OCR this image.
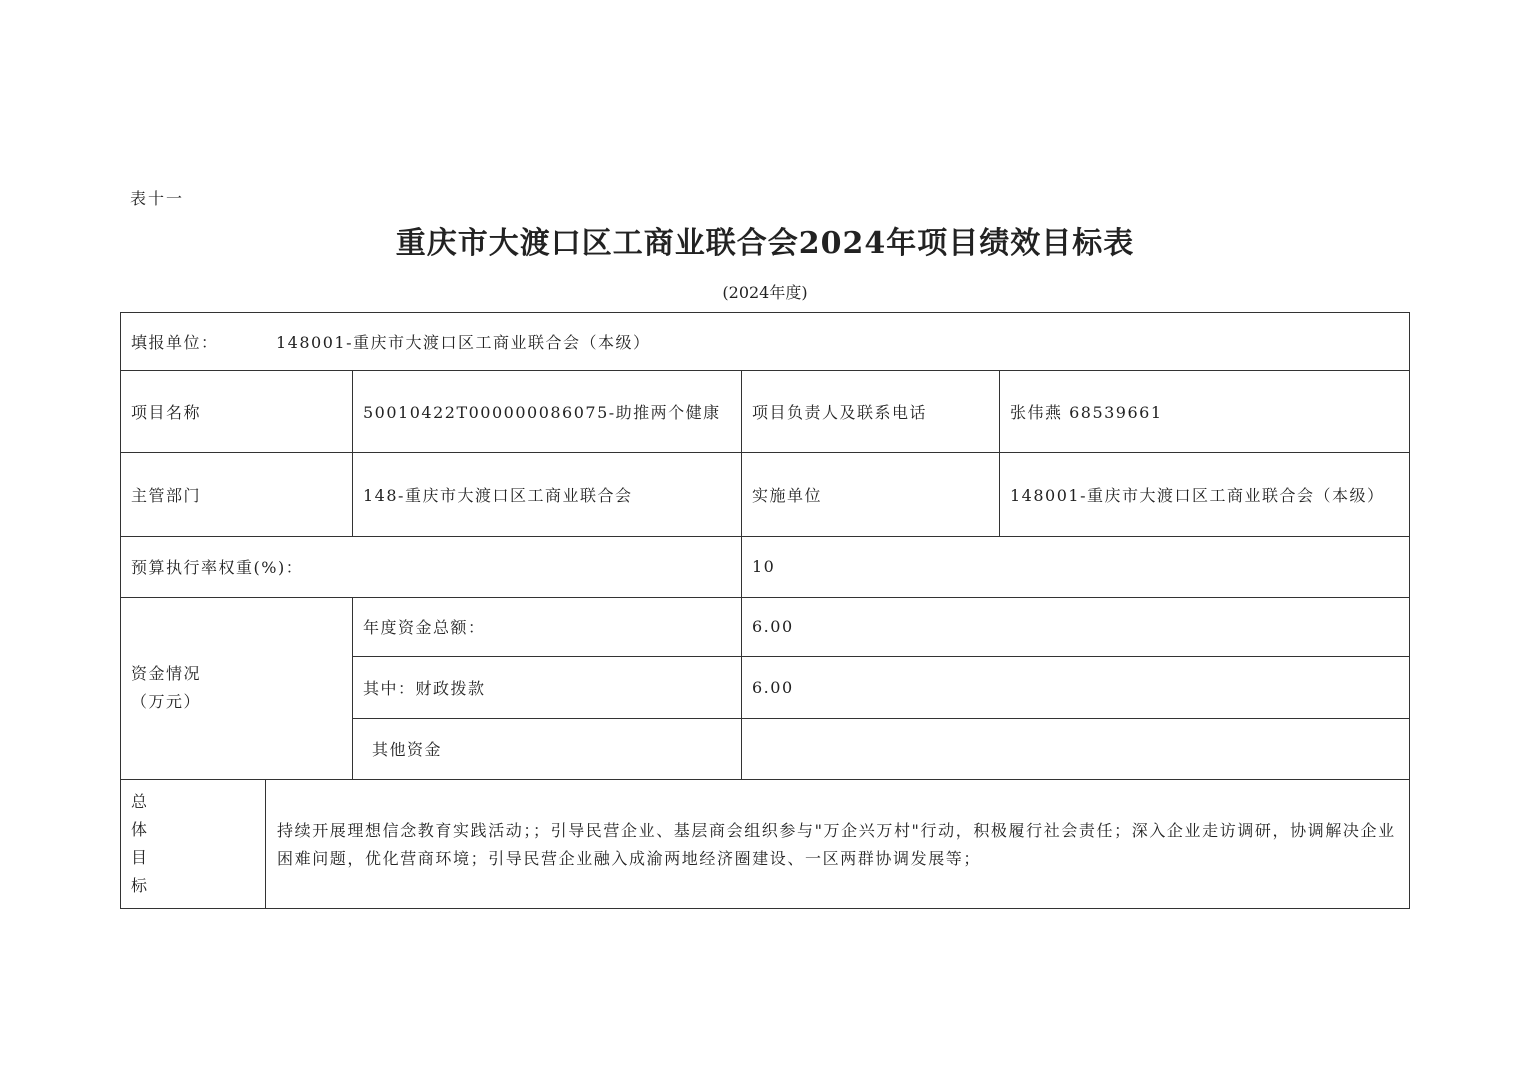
表十一
重庆市大渡口区工商业联合会2024年项目绩效目标表
(2024年度)
填报单位：	148001-重庆市大渡口区工商业联合会（本级）
项目名称	50010422T000000086075-助推两个健康	项目负责人及联系电话	张伟燕 68539661
主管部门	148-重庆市大渡口区工商业联合会	实施单位	148001-重庆市大渡口区工商业联合会（本级）
预算执行率权重(%)：	10
资金情况
（万元）
年度资金总额：	6.00
其中：财政拨款	6.00
其他资金
总
体
目
标
持续开展理想信念教育实践活动；；引导民营企业、基层商会组织参与"万企兴万村"行动，积极履行社会责任；深入企业走访调研，协调解决企业困难问题，优化营商环境；引导民营企业融入成渝两地经济圈建设、一区两群协调发展等；
